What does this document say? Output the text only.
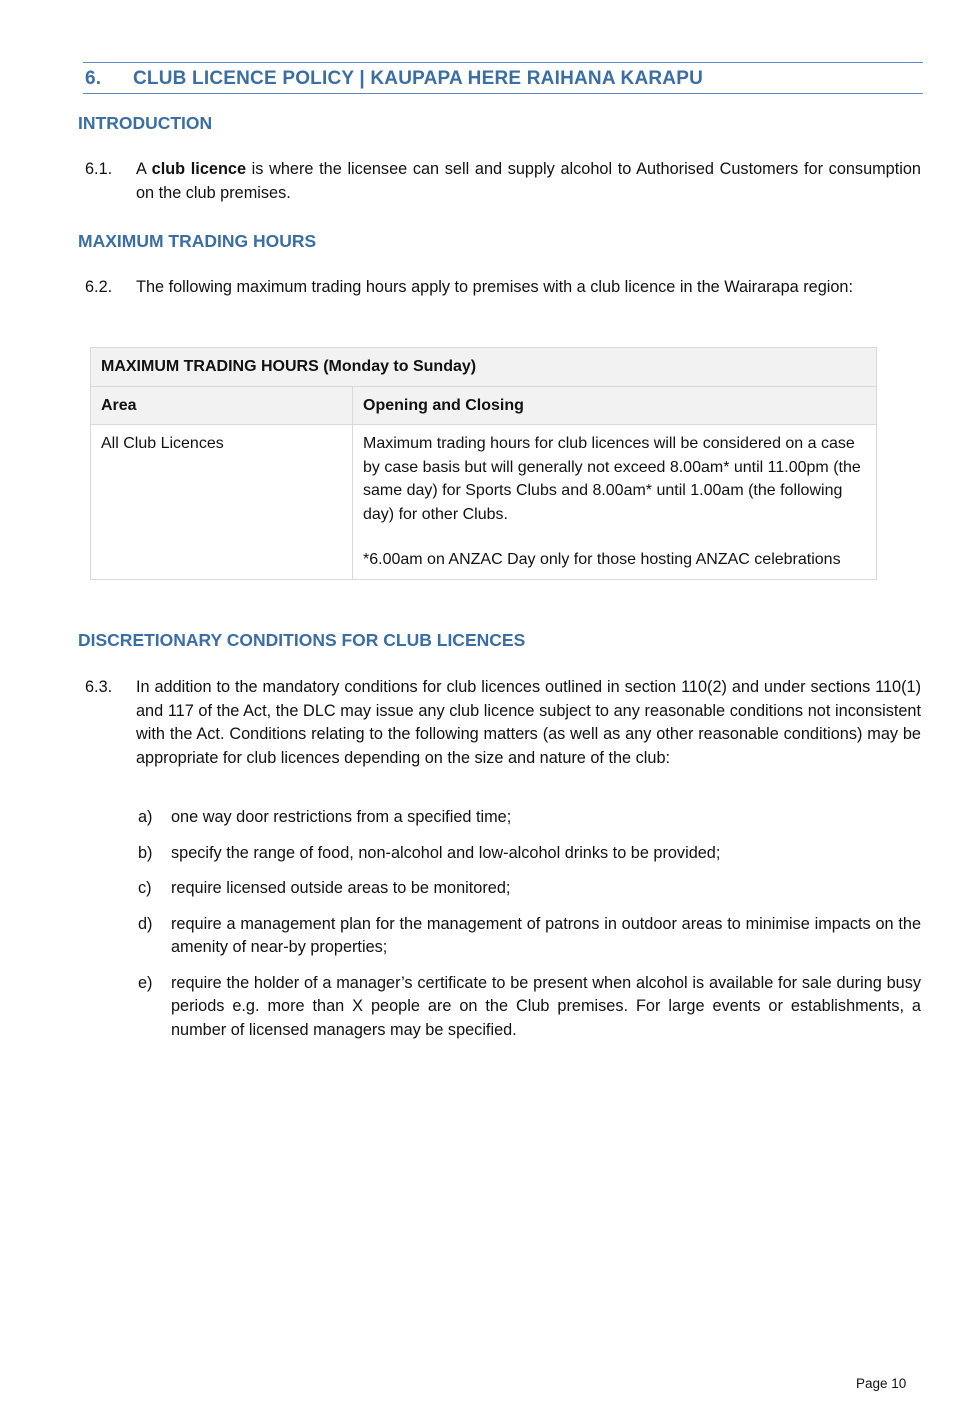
6. CLUB LICENCE POLICY | KAUPAPA HERE RAIHANA KARAPU
INTRODUCTION
6.1. A club licence is where the licensee can sell and supply alcohol to Authorised Customers for consumption on the club premises.
MAXIMUM TRADING HOURS
6.2. The following maximum trading hours apply to premises with a club licence in the Wairarapa region:
MAXIMUM TRADING HOURS (Monday to Sunday)	
Area	Opening and Closing
All Club Licences	Maximum trading hours for club licences will be considered on a case by case basis but will generally not exceed 8.00am* until 11.00pm (the same day) for Sports Clubs and 8.00am* until 1.00am (the following day) for other Clubs.
*6.00am on ANZAC Day only for those hosting ANZAC celebrations
DISCRETIONARY CONDITIONS FOR CLUB LICENCES
6.3. In addition to the mandatory conditions for club licences outlined in section 110(2) and under sections 110(1) and 117 of the Act, the DLC may issue any club licence subject to any reasonable conditions not inconsistent with the Act. Conditions relating to the following matters (as well as any other reasonable conditions) may be appropriate for club licences depending on the size and nature of the club:
a) one way door restrictions from a specified time;
b) specify the range of food, non-alcohol and low-alcohol drinks to be provided;
c) require licensed outside areas to be monitored;
d) require a management plan for the management of patrons in outdoor areas to minimise impacts on the amenity of near-by properties;
e) require the holder of a manager’s certificate to be present when alcohol is available for sale during busy periods e.g. more than X people are on the Club premises. For large events or establishments, a number of licensed managers may be specified.
Page 10
